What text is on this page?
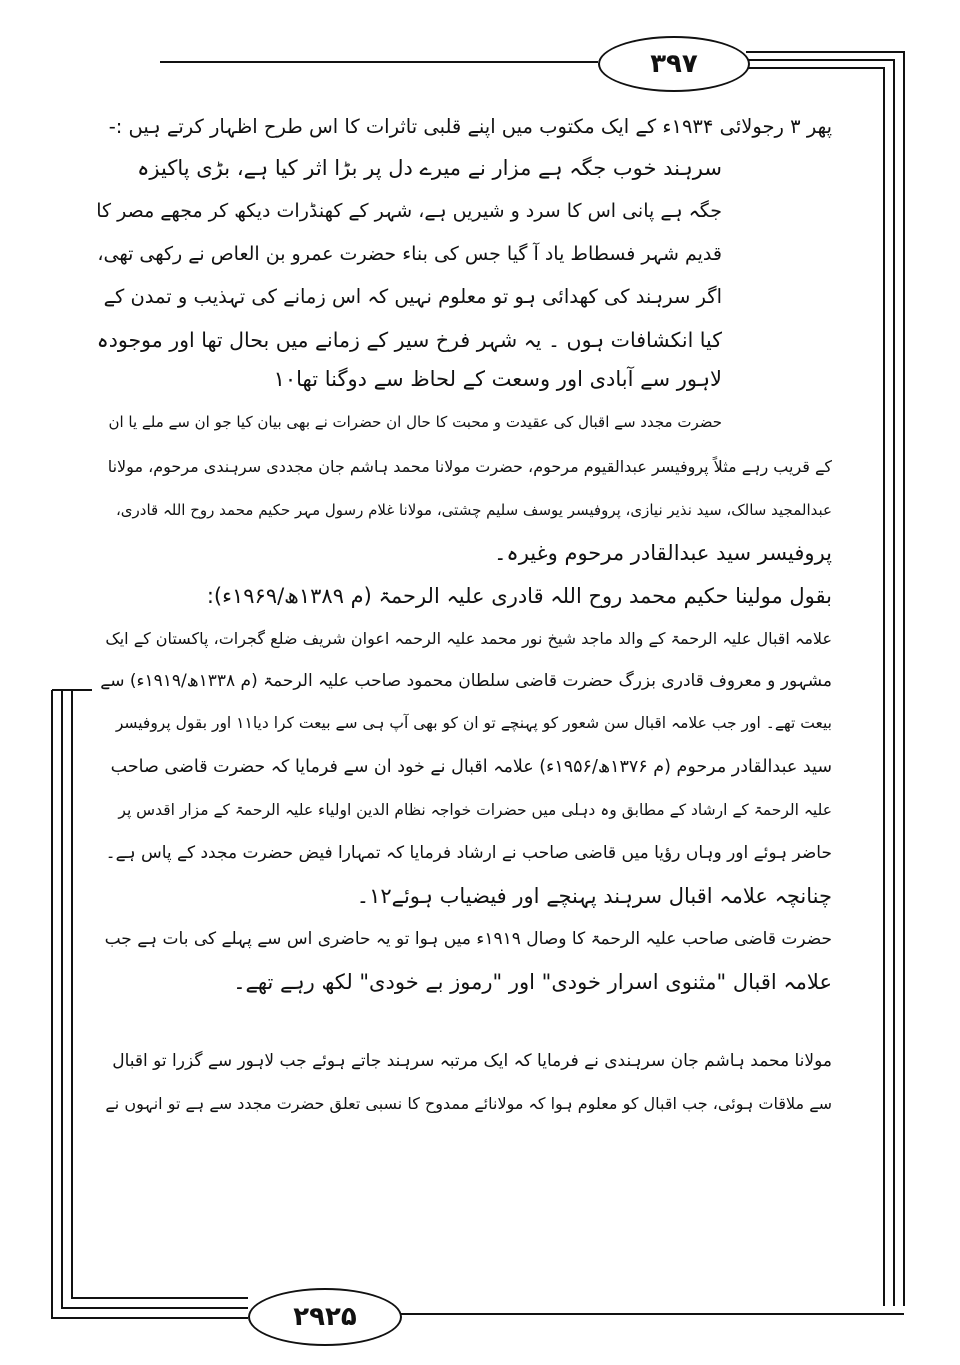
۳۹۷
۲۹۲۵
پھر ۳ رجولائی ۱۹۳۴ء کے ایک مکتوب میں اپنے قلبی تاثرات کا اس طرح اظہار کرتے ہیں :-
سرہند خوب جگہ ہے مزار نے میرے دل پر بڑا اثر کیا ہے، بڑی پاکیزہ
جگہ ہے پانی اس کا سرد و شیریں ہے، شہر کے کھنڈرات دیکھ کر مجھے مصر کا
قدیم شہر فسطاط یاد آ گیا جس کی بناء حضرت عمرو بن العاص نے رکھی تھی،
اگر سرہند کی کھدائی ہو تو معلوم نہیں کہ اس زمانے کی تہذیب و تمدن کے
کیا انکشافات ہوں ۔ یہ شہر فرخ سیر کے زمانے میں بحال تھا اور موجودہ
لاہور سے آبادی اور وسعت کے لحاظ سے دوگنا تھا۱۰
حضرت مجدد سے اقبال کی عقیدت و محبت کا حال ان حضرات نے بھی بیان کیا جو ان سے ملے یا ان
کے قریب رہے مثلاً پروفیسر عبدالقیوم مرحوم، حضرت مولانا محمد ہاشم جان مجددی سرہندی مرحوم، مولانا
عبدالمجید سالک، سید نذیر نیازی، پروفیسر یوسف سلیم چشتی، مولانا غلام رسول مہر حکیم محمد روح اللہ قادری،
پروفیسر سید عبدالقادر مرحوم وغیرہ۔
بقول مولینا حکیم محمد روح اللہ قادری علیہ الرحمۃ (م ۱۳۸۹ھ/۱۹۶۹ء):
علامہ اقبال علیہ الرحمۃ کے والد ماجد شیخ نور محمد علیہ الرحمہ اعوان شریف ضلع گجرات، پاکستان کے ایک
مشہور و معروف قادری بزرگ حضرت قاضی سلطان محمود صاحب علیہ الرحمۃ (م ۱۳۳۸ھ/۱۹۱۹ء) سے
بیعت تھے۔ اور جب علامہ اقبال سن شعور کو پہنچے تو ان کو بھی آپ ہی سے بیعت کرا دیا۱۱ اور بقول پروفیسر
سید عبدالقادر مرحوم (م ۱۳۷۶ھ/۱۹۵۶ء) علامہ اقبال نے خود ان سے فرمایا کہ حضرت قاضی صاحب
علیہ الرحمۃ کے ارشاد کے مطابق وہ دہلی میں حضرات خواجہ نظام الدین اولیاء علیہ الرحمۃ کے مزار اقدس پر
حاضر ہوئے اور وہاں رؤیا میں قاضی صاحب نے ارشاد فرمایا کہ تمہارا فیض حضرت مجدد کے پاس ہے۔
چنانچہ علامہ اقبال سرہند پہنچے اور فیضیاب ہوئے۱۲۔
حضرت قاضی صاحب علیہ الرحمۃ کا وصال ۱۹۱۹ء میں ہوا تو یہ حاضری اس سے پہلے کی بات ہے جب
علامہ اقبال "مثنوی اسرار خودی" اور "رموز بے خودی" لکھ رہے تھے۔
مولانا محمد ہاشم جان سرہندی نے فرمایا کہ ایک مرتبہ سرہند جاتے ہوئے جب لاہور سے گزرا تو اقبال
سے ملاقات ہوئی، جب اقبال کو معلوم ہوا کہ مولانائے ممدوح کا نسبی تعلق حضرت مجدد سے ہے تو انہوں نے
